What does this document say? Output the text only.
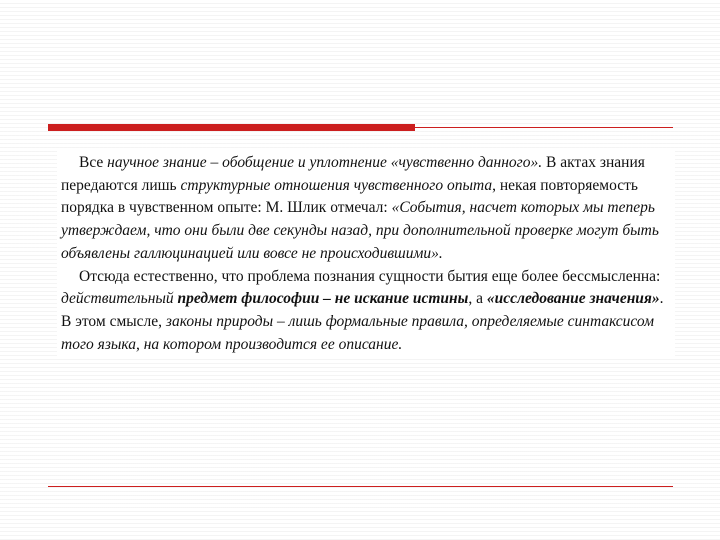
Все научное знание – обобщение и уплотнение «чувственно данного». В актах знания передаются лишь структурные отношения чувственного опыта, некая повторяемость порядка в чувственном опыте: М. Шлик отмечал: «События, насчет которых мы теперь утверждаем, что они были две секунды назад, при дополнительной проверке могут быть объявлены галлюцинацией или вовсе не происходившими».

Отсюда естественно, что проблема познания сущности бытия еще более бессмысленна: действительный предмет философии – не искание истины, а «исследование значения». В этом смысле, законы природы – лишь формальные правила, определяемые синтаксисом того языка, на котором производится ее описание.
